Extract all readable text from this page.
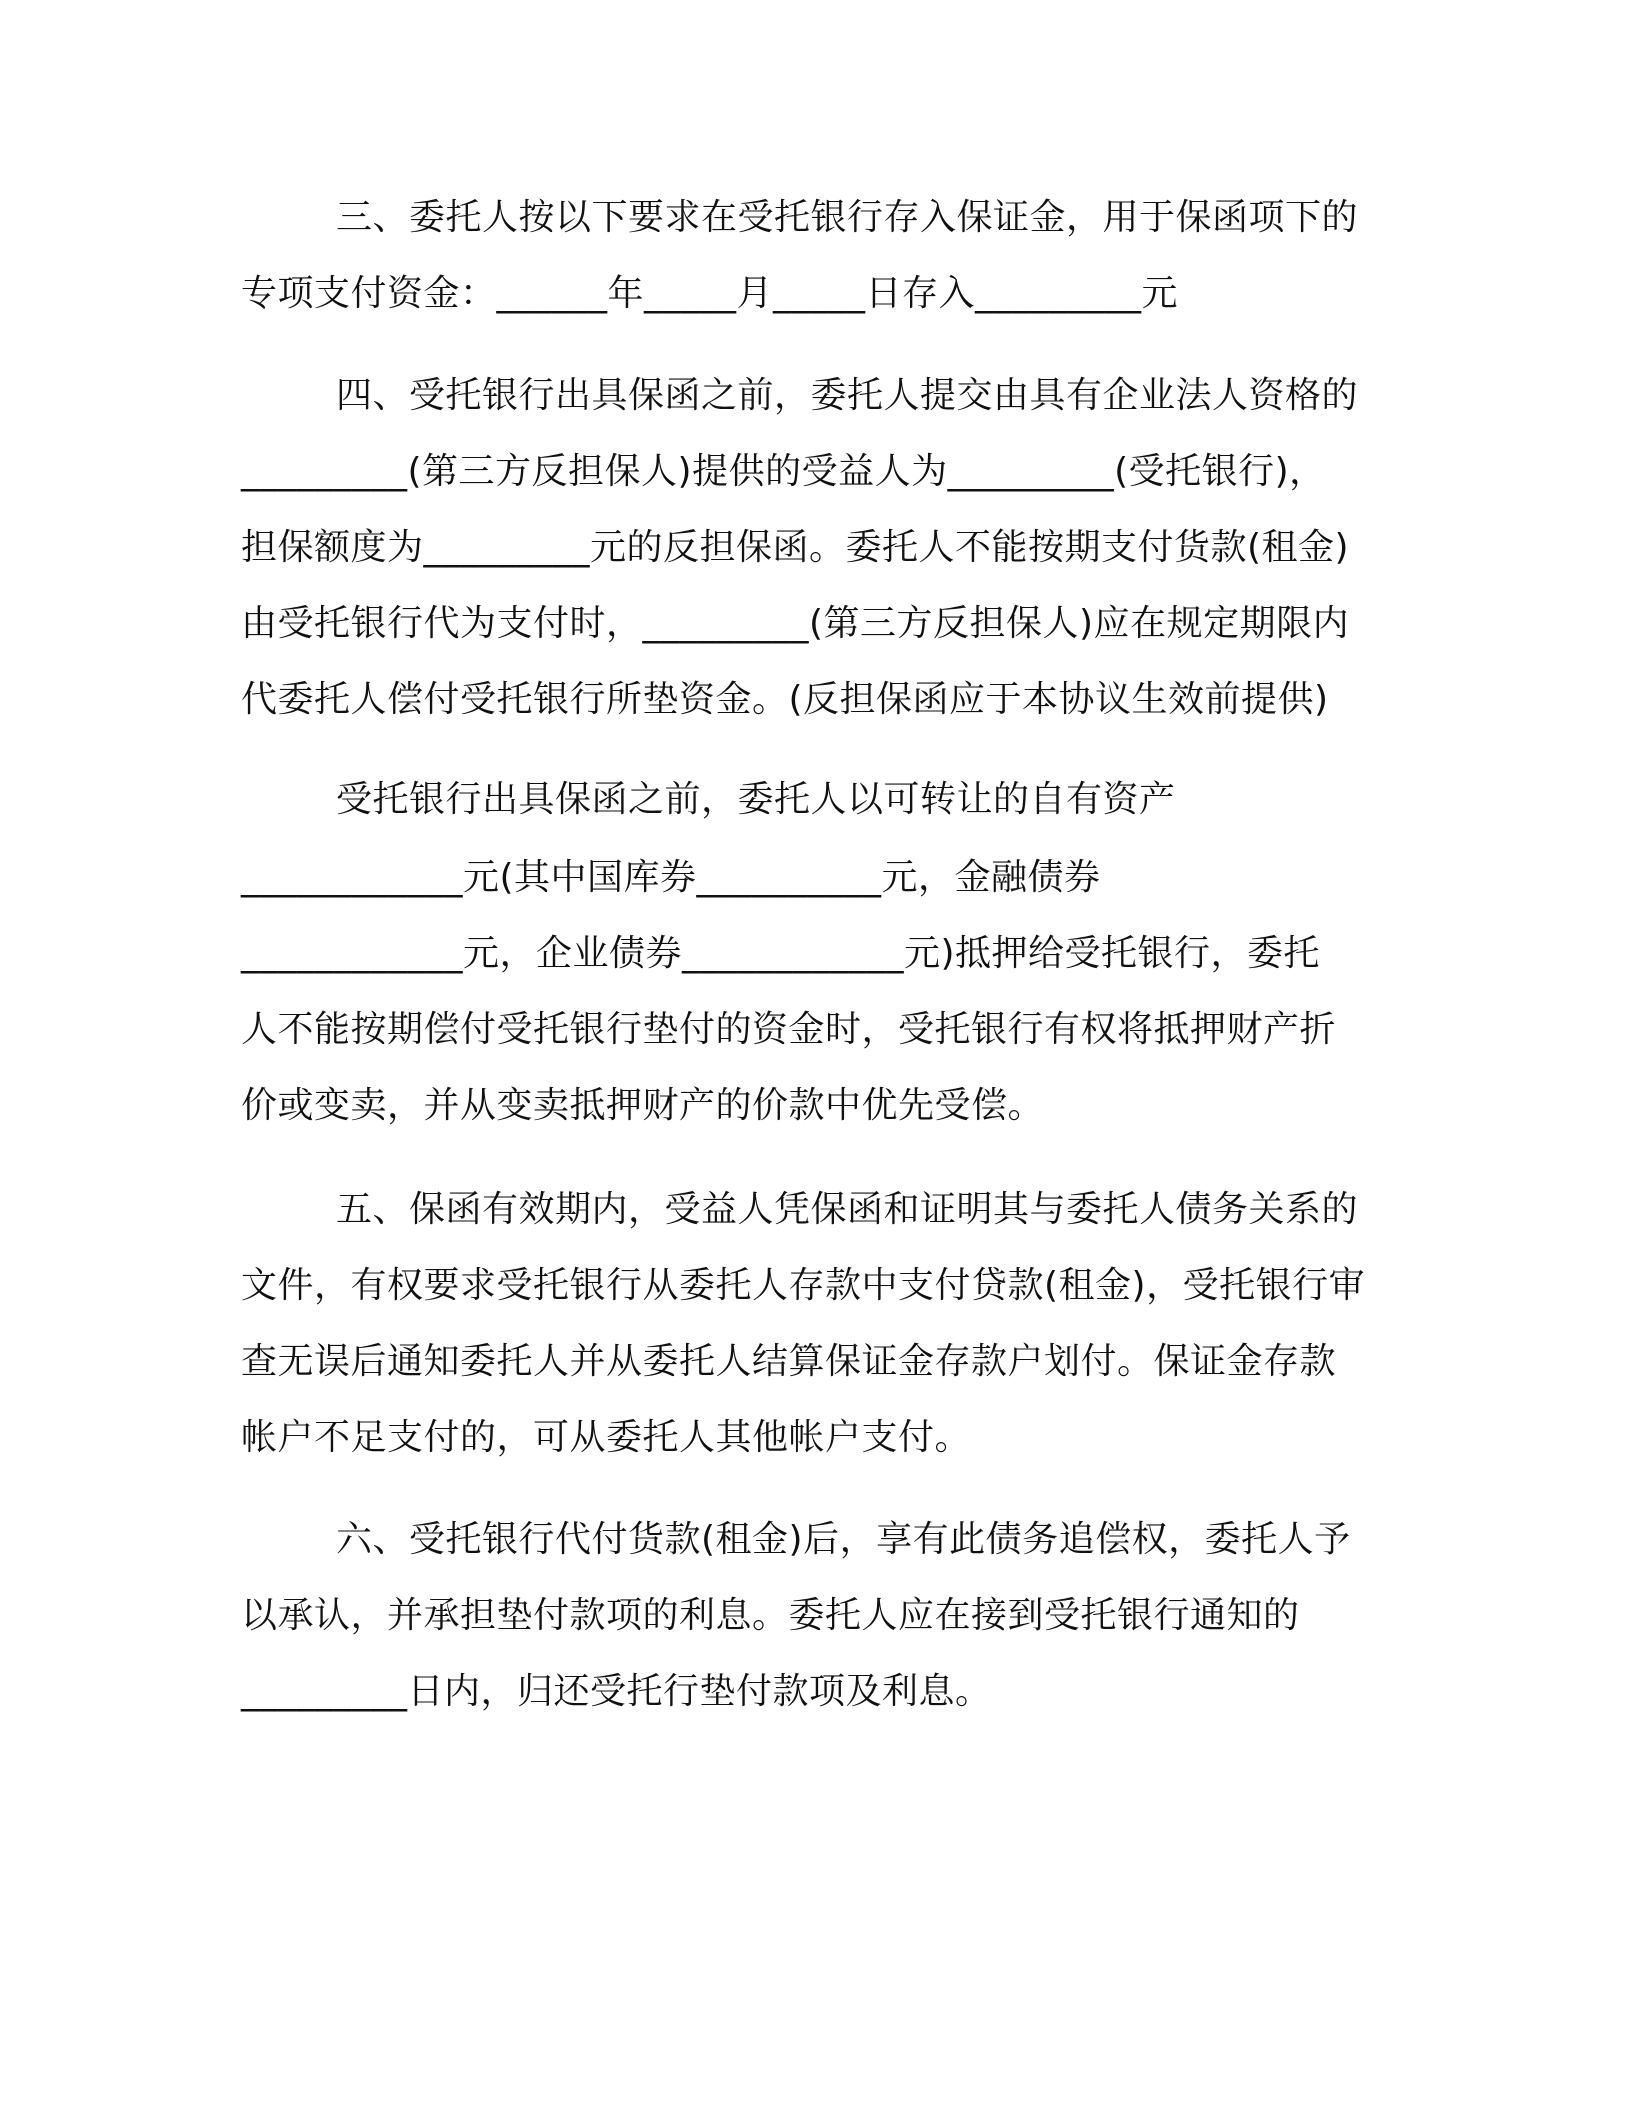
三、委托人按以下要求在受托银行存入保证金，用于保函项下的
专项支付资金：______年_____月_____日存入_________元
四、受托银行出具保函之前，委托人提交由具有企业法人资格的
_________(第三方反担保人)提供的受益人为_________(受托银行)，
担保额度为_________元的反担保函。委托人不能按期支付货款(租金)
由受托银行代为支付时，_________(第三方反担保人)应在规定期限内
代委托人偿付受托银行所垫资金。(反担保函应于本协议生效前提供)
受托银行出具保函之前，委托人以可转让的自有资产
____________元(其中国库券__________元，金融债券
____________元，企业债券____________元)抵押给受托银行，委托
人不能按期偿付受托银行垫付的资金时，受托银行有权将抵押财产折
价或变卖，并从变卖抵押财产的价款中优先受偿。
五、保函有效期内，受益人凭保函和证明其与委托人债务关系的
文件，有权要求受托银行从委托人存款中支付贷款(租金)，受托银行审
查无误后通知委托人并从委托人结算保证金存款户划付。保证金存款
帐户不足支付的，可从委托人其他帐户支付。
六、受托银行代付货款(租金)后，享有此债务追偿权，委托人予
以承认，并承担垫付款项的利息。委托人应在接到受托银行通知的
_________日内，归还受托行垫付款项及利息。
